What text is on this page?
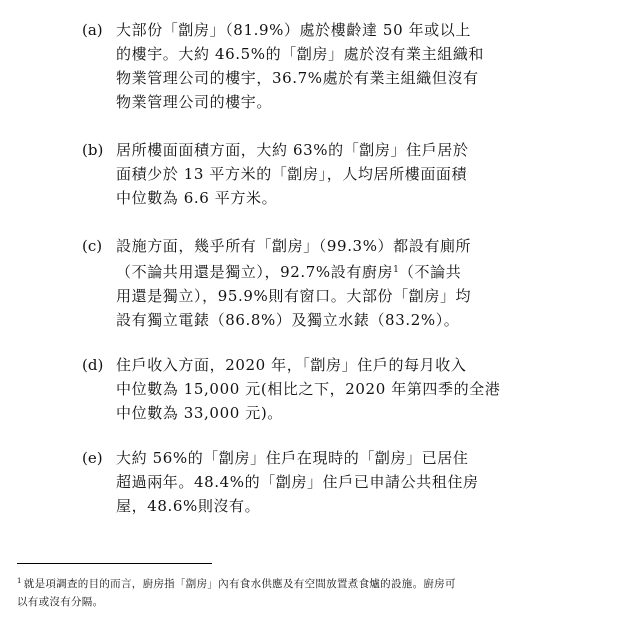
(a) 大部份「劏房」（81.9%）處於樓齡達 50 年或以上
的樓宇。大約 46.5%的「劏房」處於沒有業主組織和
物業管理公司的樓宇，36.7%處於有業主組織但沒有
物業管理公司的樓宇。
(b) 居所樓面面積方面，大約 63%的「劏房」住戶居於
面積少於 13 平方米的「劏房」，人均居所樓面面積
中位數為 6.6 平方米。
(c) 設施方面，幾乎所有「劏房」（99.3%）都設有廁所
（不論共用還是獨立），92.7%設有廚房$^1$（不論共
用還是獨立），95.9%則有窗口。大部份「劏房」均
設有獨立電錶（86.8%）及獨立水錶（83.2%）。
(d) 住戶收入方面，2020 年，「劏房」住戶的每月收入
中位數為 15,000 元(相比之下，2020 年第四季的全港
中位數為 33,000 元)。
(e) 大約 56%的「劏房」住戶在現時的「劏房」已居住
超過兩年。48.4%的「劏房」住戶已申請公共租住房
屋，48.6%則沒有。
$^1$ 就是項調查的目的而言，廚房指「劏房」內有食水供應及有空間放置煮食爐的設施。廚房可
以有或沒有分隔。
